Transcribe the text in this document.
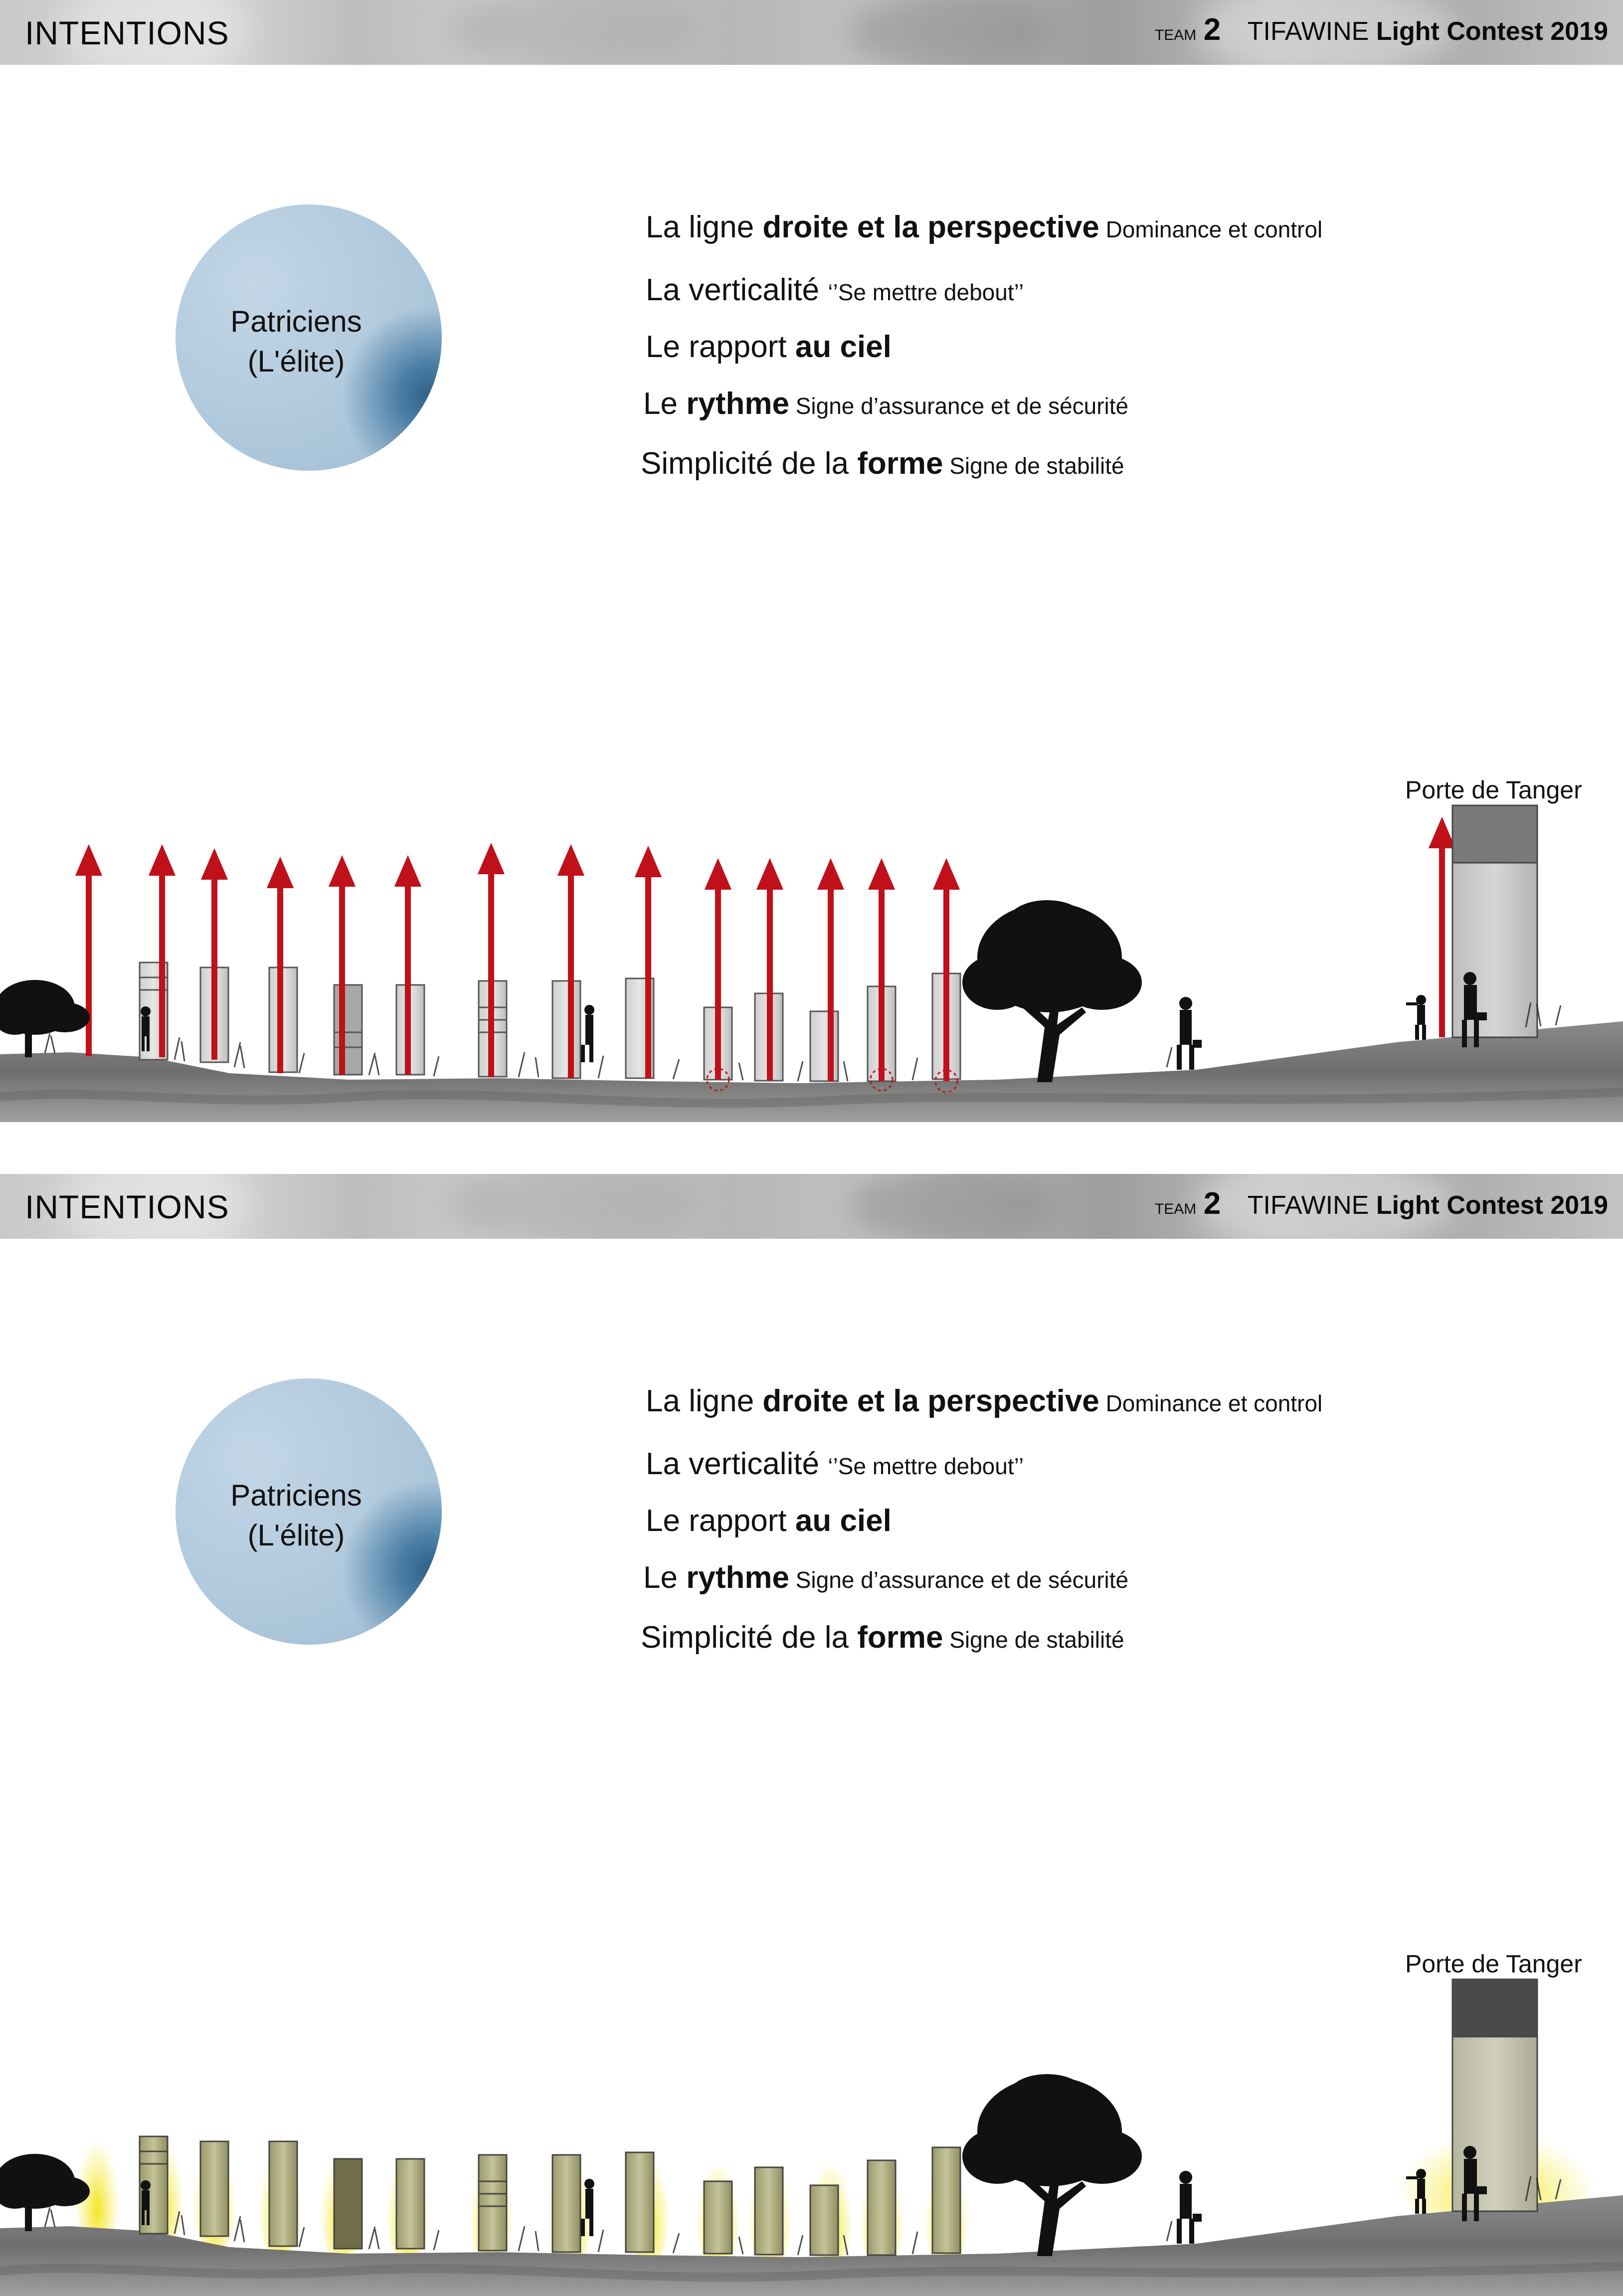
INTENTIONS	TEAM 2 TIFAWINE Light Contest 2019
Patriciens
(L'élite)
La ligne droite et la perspective Dominance et control
La verticalité ‘’Se mettre debout’’
Le rapport au ciel
Le rythme Signe d’assurance et de sécurité
Simplicité de la forme Signe de stabilité
Porte de Tanger
INTENTIONS	TEAM 2 TIFAWINE Light Contest 2019
Patriciens
(L'élite)
La ligne droite et la perspective Dominance et control
La verticalité ‘’Se mettre debout’’
Le rapport au ciel
Le rythme Signe d’assurance et de sécurité
Simplicité de la forme Signe de stabilité
Porte de Tanger
